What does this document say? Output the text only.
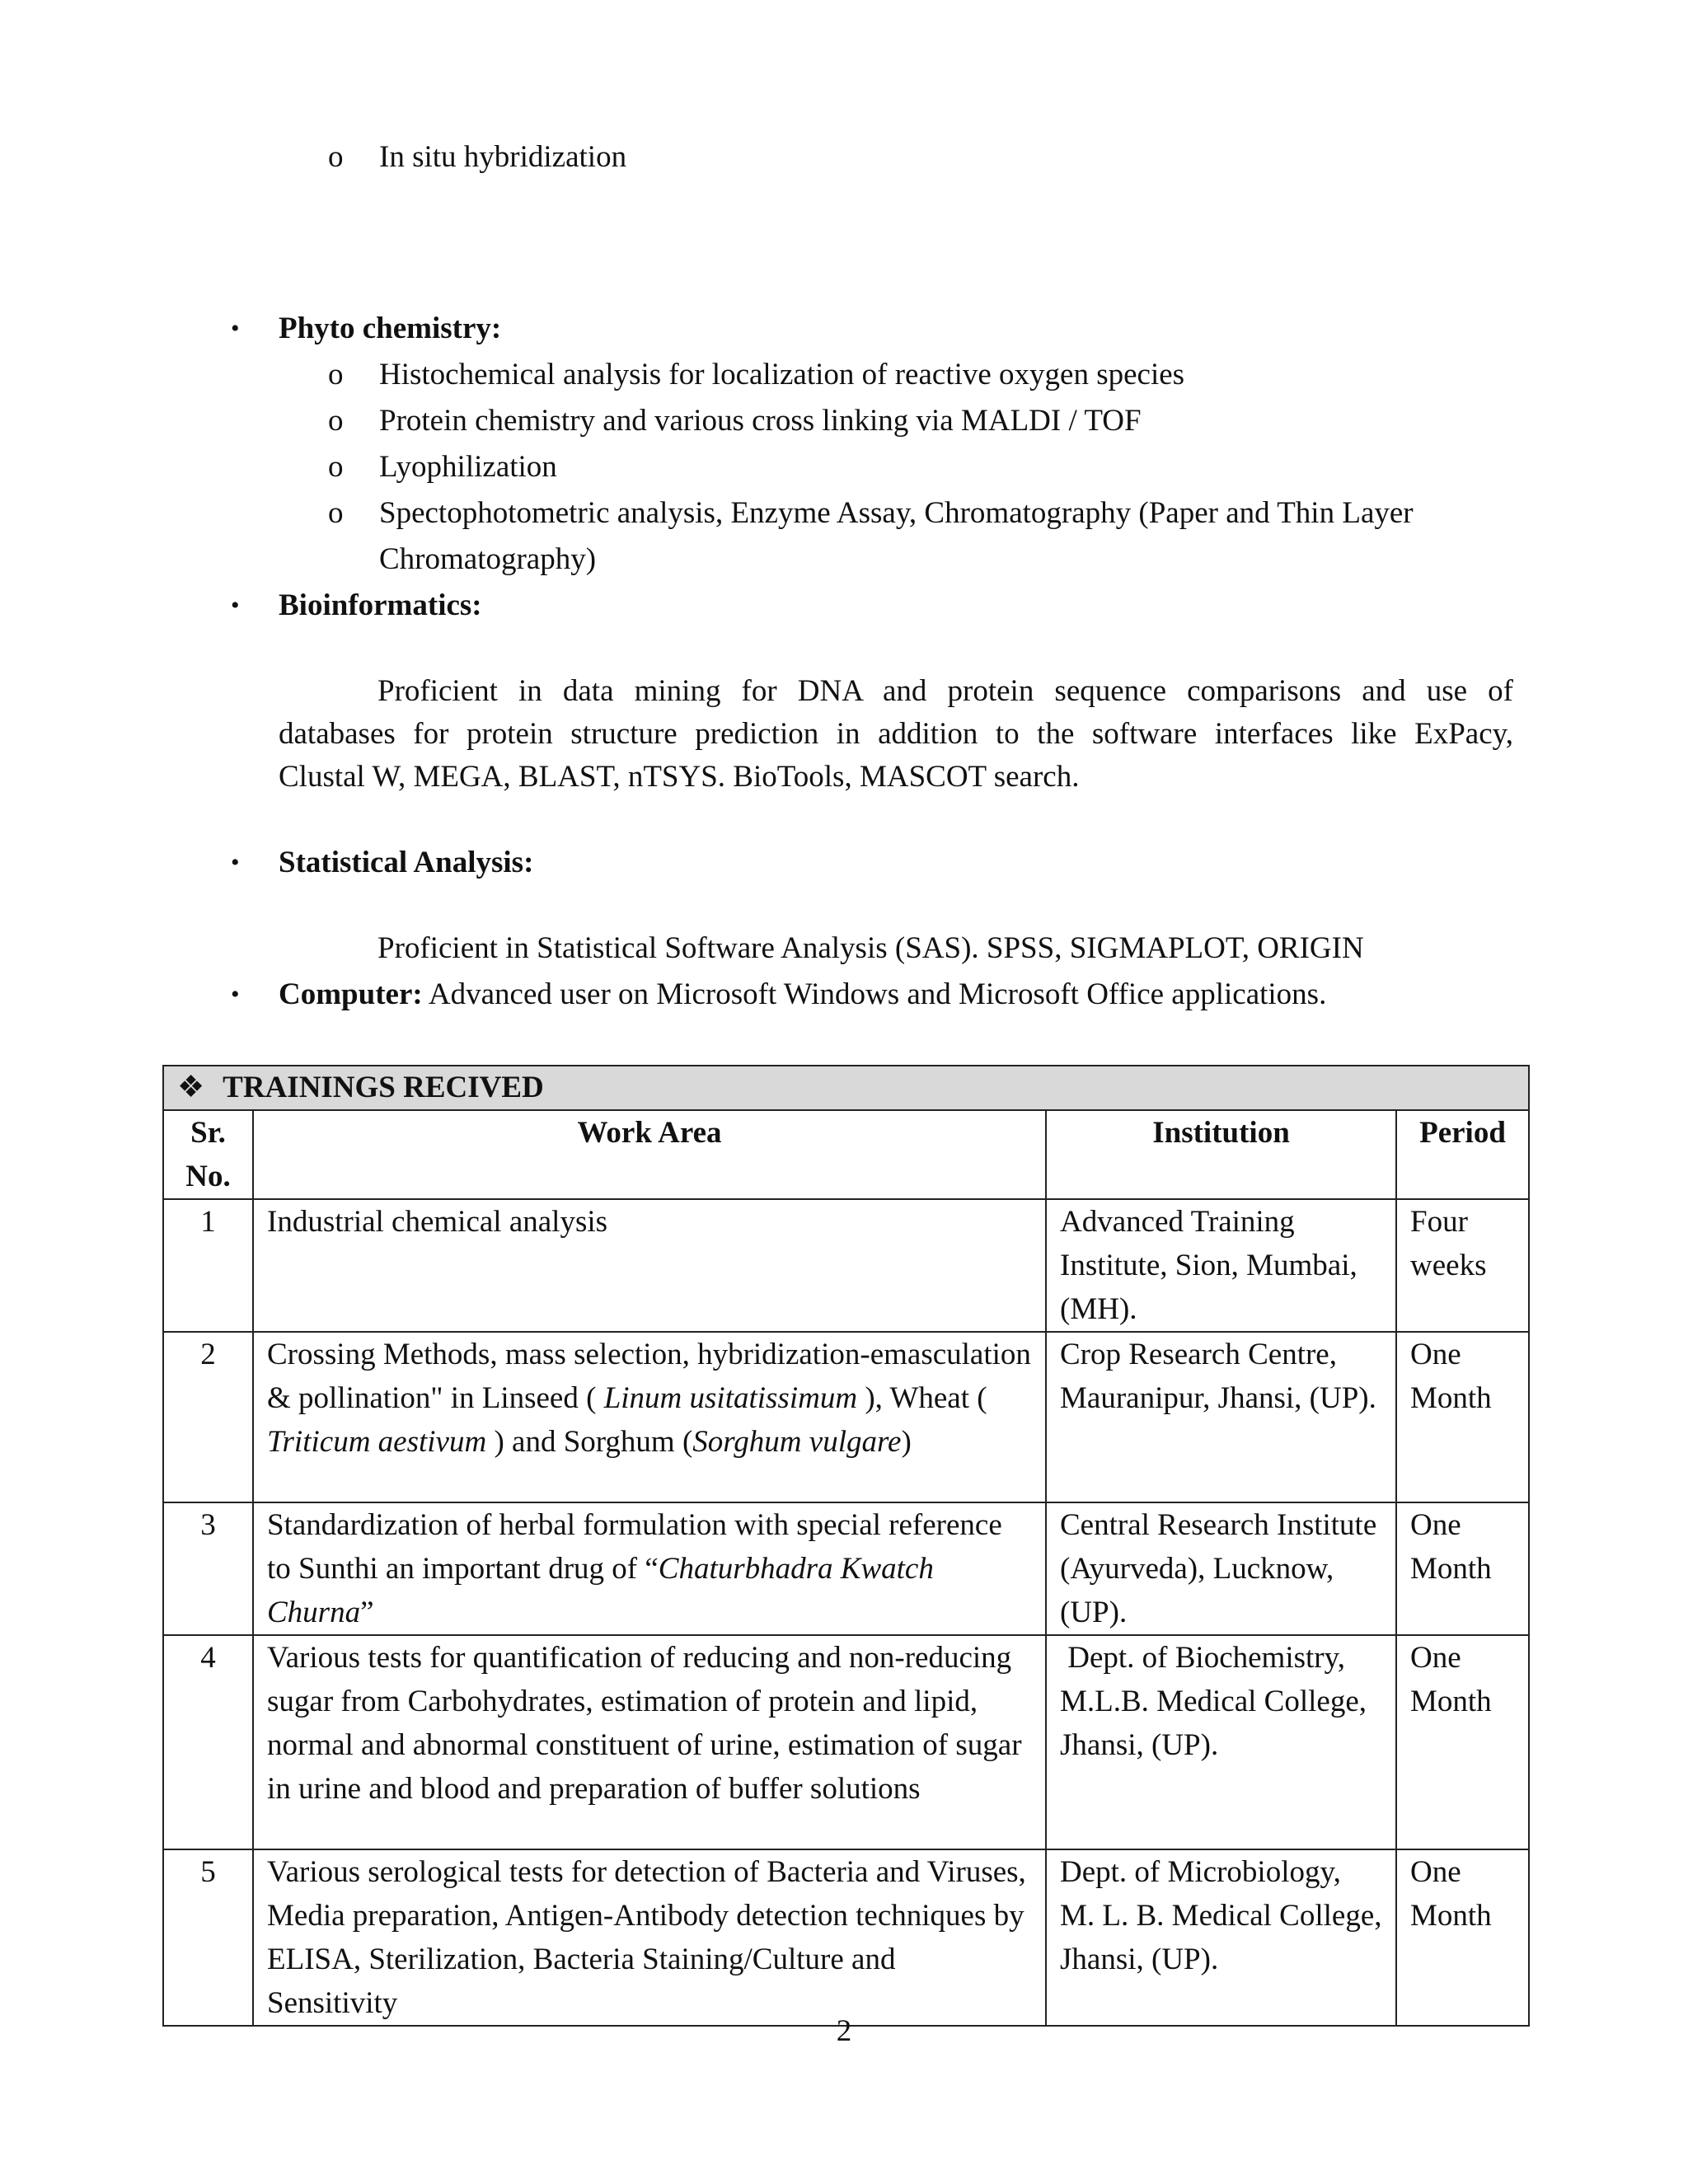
o	In situ hybridization
• Phyto chemistry:
o	Histochemical analysis for localization of reactive oxygen species
o	Protein chemistry and various cross linking via MALDI / TOF
o	Lyophilization
o	Spectophotometric analysis, Enzyme Assay, Chromatography (Paper and Thin Layer
Chromatography)
• Bioinformatics:
Proficient in data mining for DNA and protein sequence comparisons and use of
databases for protein structure prediction in addition to the software interfaces like ExPacy,
Clustal W, MEGA, BLAST, nTSYS. BioTools, MASCOT search.
• Statistical Analysis:
Proficient in Statistical Software Analysis (SAS). SPSS, SIGMAPLOT, ORIGIN
• Computer: Advanced user on Microsoft Windows and Microsoft Office applications.
❖ TRAININGS RECIVED			
Sr.
No.	Work Area	Institution	Period
1	Industrial chemical analysis	Advanced Training Institute, Sion, Mumbai, (MH).	Four weeks
2	Crossing Methods, mass selection, hybridization-emasculation & pollination" in Linseed ( Linum usitatissimum ), Wheat ( Triticum aestivum ) and Sorghum (Sorghum vulgare)	Crop Research Centre, Mauranipur, Jhansi, (UP).	One Month
3	Standardization of herbal formulation with special reference to Sunthi an important drug of “Chaturbhadra Kwatch Churna”	Central Research Institute (Ayurveda), Lucknow, (UP).	One Month
4	Various tests for quantification of reducing and non-reducing sugar from Carbohydrates, estimation of protein and lipid, normal and abnormal constituent of urine, estimation of sugar in urine and blood and preparation of buffer solutions	Dept. of Biochemistry, M.L.B. Medical College, Jhansi, (UP).	One Month
5	Various serological tests for detection of Bacteria and Viruses, Media preparation, Antigen-Antibody detection techniques by ELISA, Sterilization, Bacteria Staining/Culture and Sensitivity	Dept. of Microbiology, M. L. B. Medical College, Jhansi, (UP).	One Month
2
